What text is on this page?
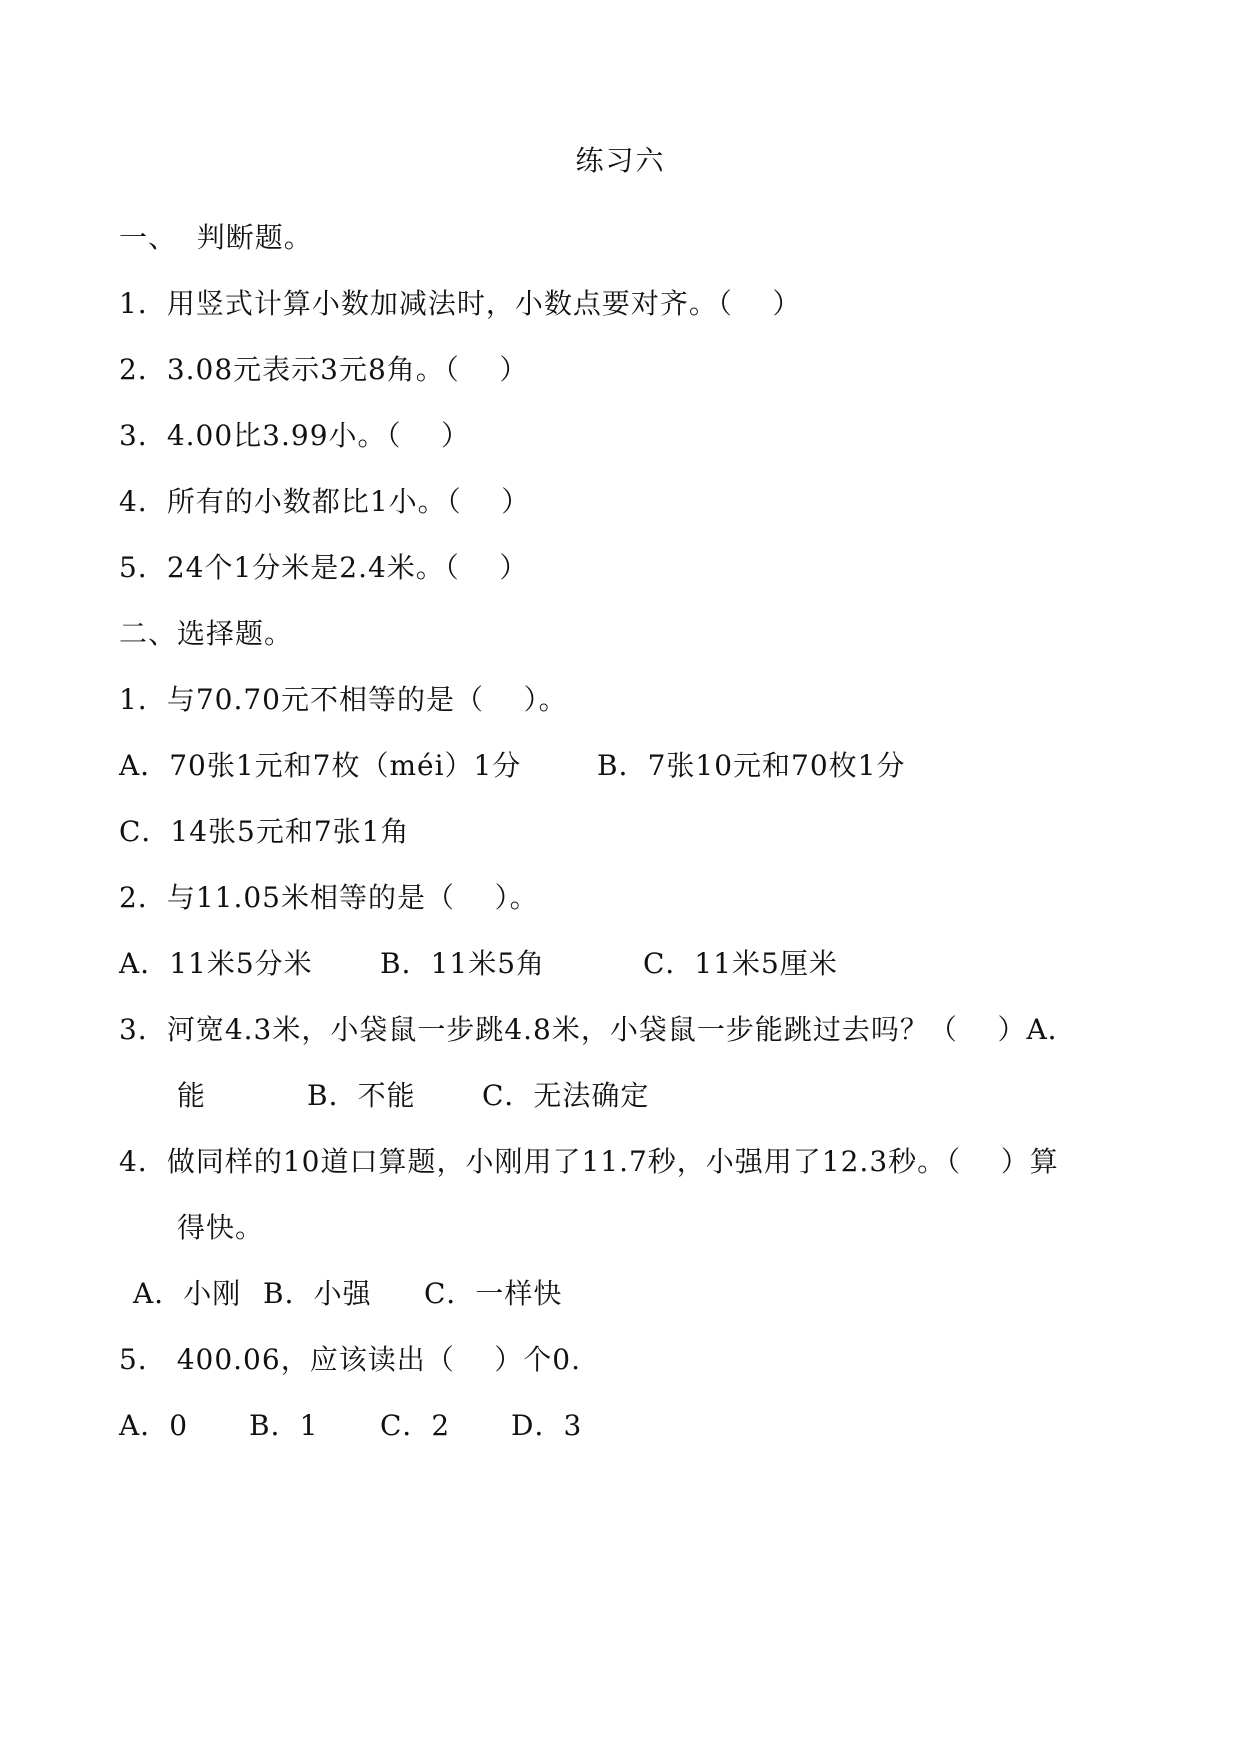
练习六
一、  判断题。
1．用竖式计算小数加减法时，小数点要对齐。（    ）
2．3.08元表示3元8角。（    ）
3．4.00比3.99小。（    ）
4．所有的小数都比1小。（    ）
5．24个1分米是2.4米。（    ）
二、选择题。
1．与70.70元不相等的是（    ）。
A．70张1元和7枚（méi）1分	B．7张10元和70枚1分
C．14张5元和7张1角
2．与11.05米相等的是（    ）。
A．11米5分米 B．11米5角	C．11米5厘米
3．河宽4.3米，小袋鼠一步跳4.8米，小袋鼠一步能跳过去吗？（    ）A．
能	B．不能 C．无法确定
4．做同样的10道口算题，小刚用了11.7秒，小强用了12.3秒。（    ）算
得快。
A．小刚 B．小强 C．一样快
5． 400.06，应该读出（    ）个0.
A．0 B．1 C．2 D．3
